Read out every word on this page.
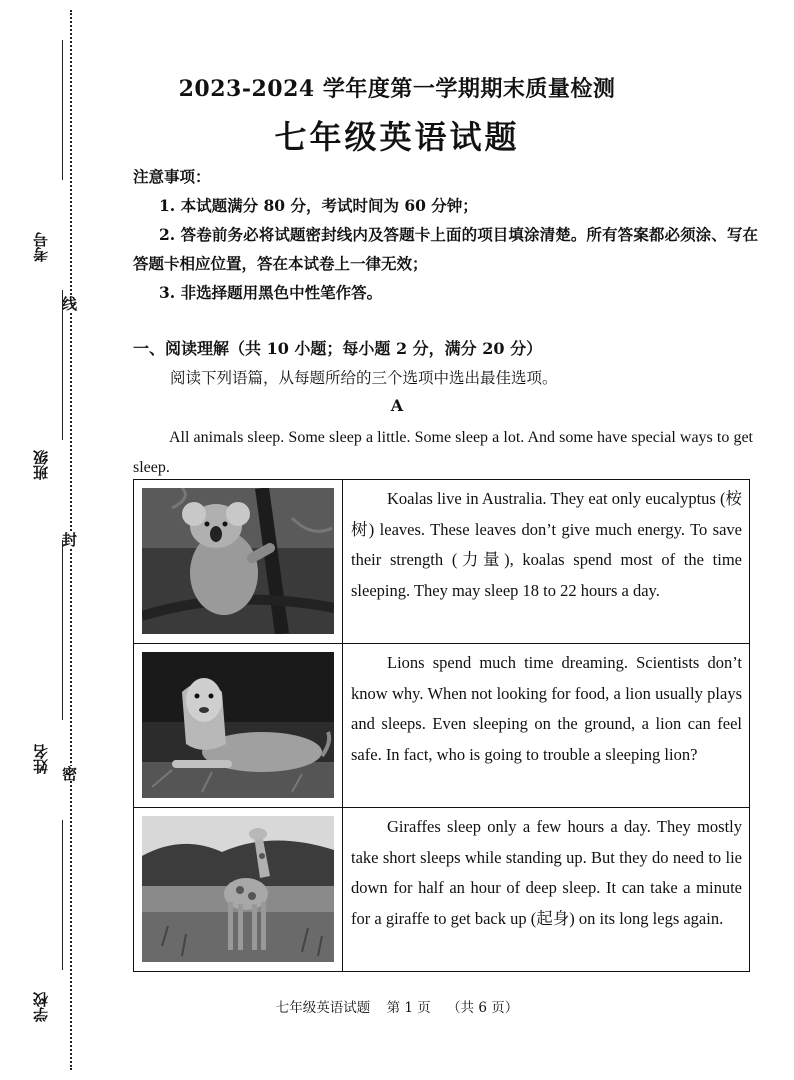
线
封
密
考号
班级
姓名
学校
2023-2024 学年度第一学期期末质量检测
七年级英语试题
注意事项：
1. 本试题满分 80 分，考试时间为 60 分钟；
2. 答卷前务必将试题密封线内及答题卡上面的项目填涂清楚。所有答案都必须涂、写在答题卡相应位置，答在本试卷上一律无效；
3. 非选择题用黑色中性笔作答。
一、阅读理解（共 10 小题；每小题 2 分，满分 20 分）
阅读下列语篇，从每题所给的三个选项中选出最佳选项。
A
All animals sleep. Some sleep a little. Some sleep a lot. And some have special ways to get sleep.

Koalas live in Australia. They eat only eucalyptus (桉树) leaves. These leaves don’t give much energy. To save their strength (力量), koalas spend most of the time sleeping. They may sleep 18 to 22 hours a day.

Lions spend much time dreaming. Scientists don’t know why. When not looking for food, a lion usually plays and sleeps. Even sleeping on the ground, a lion can feel safe. In fact, who is going to trouble a sleeping lion?

Giraffes sleep only a few hours a day. They mostly take short sleeps while standing up. But they do need to lie down for half an hour of deep sleep. It can take a minute for a giraffe to get back up (起身) on its long legs again.

七年级英语试题 第 1 页 （共 6 页）
